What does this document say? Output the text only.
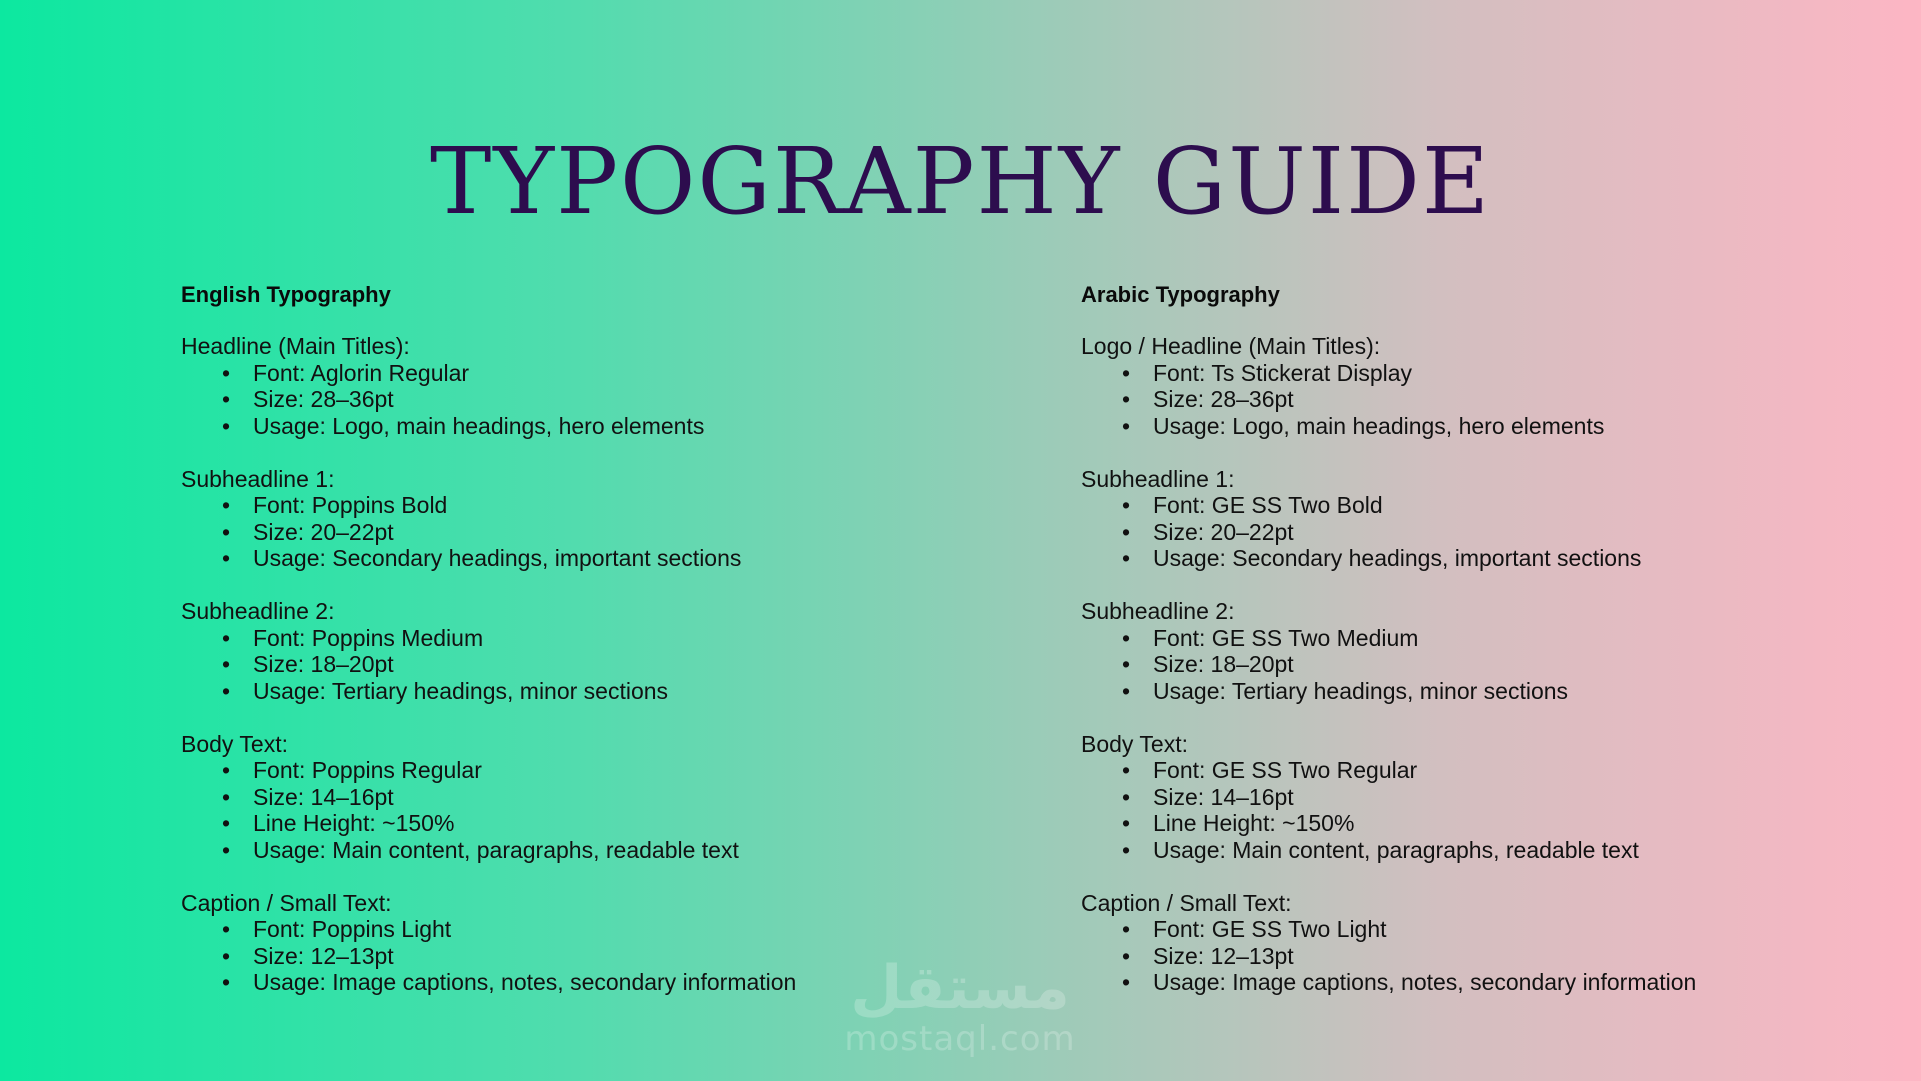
TYPOGRAPHY GUIDE
English Typography
Headline (Main Titles):
• Font: Aglorin Regular
• Size: 28–36pt
• Usage: Logo, main headings, hero elements
Subheadline 1:
• Font: Poppins Bold
• Size: 20–22pt
• Usage: Secondary headings, important sections
Subheadline 2:
• Font: Poppins Medium
• Size: 18–20pt
• Usage: Tertiary headings, minor sections
Body Text:
• Font: Poppins Regular
• Size: 14–16pt
• Line Height: ~150%
• Usage: Main content, paragraphs, readable text
Caption / Small Text:
• Font: Poppins Light
• Size: 12–13pt
• Usage: Image captions, notes, secondary information
Arabic Typography
Logo / Headline (Main Titles):
• Font: Ts Stickerat Display
• Size: 28–36pt
• Usage: Logo, main headings, hero elements
Subheadline 1:
• Font: GE SS Two Bold
• Size: 20–22pt
• Usage: Secondary headings, important sections
Subheadline 2:
• Font: GE SS Two Medium
• Size: 18–20pt
• Usage: Tertiary headings, minor sections
Body Text:
• Font: GE SS Two Regular
• Size: 14–16pt
• Line Height: ~150%
• Usage: Main content, paragraphs, readable text
Caption / Small Text:
• Font: GE SS Two Light
• Size: 12–13pt
• Usage: Image captions, notes, secondary information
مستقل
mostaql.com
